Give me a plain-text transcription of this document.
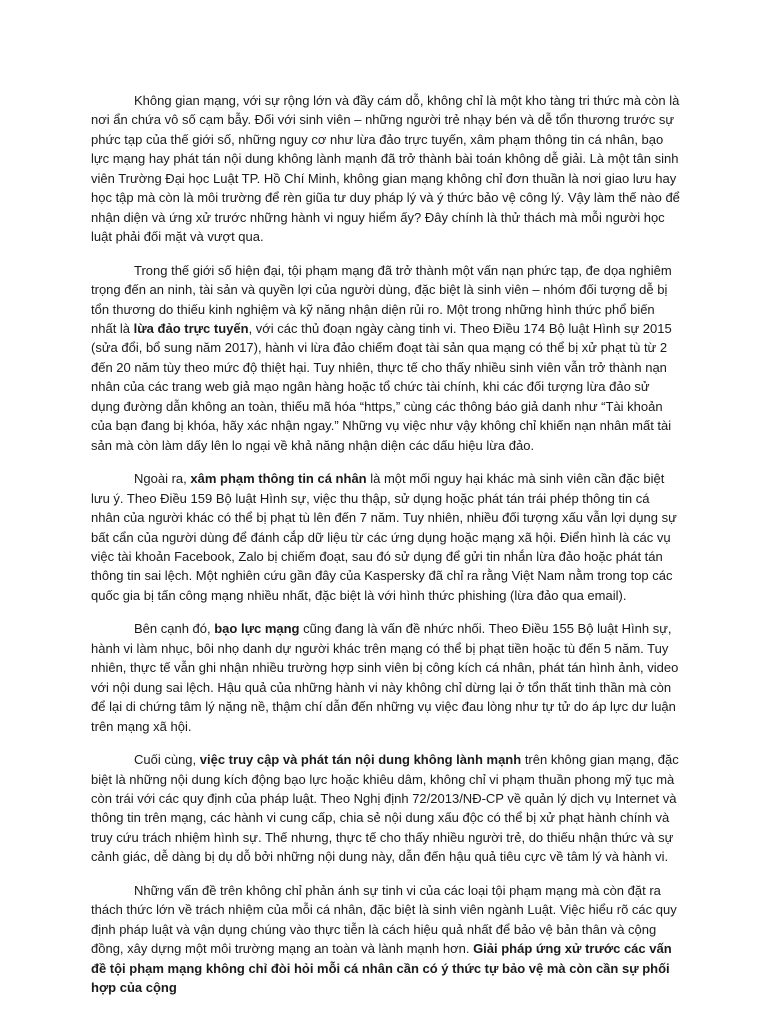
Không gian mạng, với sự rộng lớn và đầy cám dỗ, không chỉ là một kho tàng tri thức mà còn là nơi ẩn chứa vô số cạm bẫy. Đối với sinh viên – những người trẻ nhạy bén và dễ tổn thương trước sự phức tạp của thế giới số, những nguy cơ như lừa đảo trực tuyến, xâm phạm thông tin cá nhân, bạo lực mạng hay phát tán nội dung không lành mạnh đã trở thành bài toán không dễ giải. Là một tân sinh viên Trường Đại học Luật TP. Hồ Chí Minh, không gian mạng không chỉ đơn thuần là nơi giao lưu hay học tập mà còn là môi trường để rèn giũa tư duy pháp lý và ý thức bảo vệ công lý. Vậy làm thế nào để nhận diện và ứng xử trước những hành vi nguy hiểm ấy? Đây chính là thử thách mà mỗi người học luật phải đối mặt và vượt qua.

Trong thế giới số hiện đại, tội phạm mạng đã trở thành một vấn nạn phức tạp, đe dọa nghiêm trọng đến an ninh, tài sản và quyền lợi của người dùng, đặc biệt là sinh viên – nhóm đối tượng dễ bị tổn thương do thiếu kinh nghiệm và kỹ năng nhận diện rủi ro. Một trong những hình thức phổ biến nhất là lừa đảo trực tuyến, với các thủ đoạn ngày càng tinh vi. Theo Điều 174 Bộ luật Hình sự 2015 (sửa đổi, bổ sung năm 2017), hành vi lừa đảo chiếm đoạt tài sản qua mạng có thể bị xử phạt tù từ 2 đến 20 năm tùy theo mức độ thiệt hại. Tuy nhiên, thực tế cho thấy nhiều sinh viên vẫn trở thành nạn nhân của các trang web giả mạo ngân hàng hoặc tổ chức tài chính, khi các đối tượng lừa đảo sử dụng đường dẫn không an toàn, thiếu mã hóa “https,” cùng các thông báo giả danh như “Tài khoản của bạn đang bị khóa, hãy xác nhận ngay.” Những vụ việc như vậy không chỉ khiến nạn nhân mất tài sản mà còn làm dấy lên lo ngại về khả năng nhận diện các dấu hiệu lừa đảo.

Ngoài ra, xâm phạm thông tin cá nhân là một mối nguy hại khác mà sinh viên cần đặc biệt lưu ý. Theo Điều 159 Bộ luật Hình sự, việc thu thập, sử dụng hoặc phát tán trái phép thông tin cá nhân của người khác có thể bị phạt tù lên đến 7 năm. Tuy nhiên, nhiều đối tượng xấu vẫn lợi dụng sự bất cẩn của người dùng để đánh cắp dữ liệu từ các ứng dụng hoặc mạng xã hội. Điển hình là các vụ việc tài khoản Facebook, Zalo bị chiếm đoạt, sau đó sử dụng để gửi tin nhắn lừa đảo hoặc phát tán thông tin sai lệch. Một nghiên cứu gần đây của Kaspersky đã chỉ ra rằng Việt Nam nằm trong top các quốc gia bị tấn công mạng nhiều nhất, đặc biệt là với hình thức phishing (lừa đảo qua email).

Bên cạnh đó, bạo lực mạng cũng đang là vấn đề nhức nhối. Theo Điều 155 Bộ luật Hình sự, hành vi làm nhục, bôi nhọ danh dự người khác trên mạng có thể bị phạt tiền hoặc tù đến 5 năm. Tuy nhiên, thực tế vẫn ghi nhận nhiều trường hợp sinh viên bị công kích cá nhân, phát tán hình ảnh, video với nội dung sai lệch. Hậu quả của những hành vi này không chỉ dừng lại ở tổn thất tinh thần mà còn để lại di chứng tâm lý nặng nề, thậm chí dẫn đến những vụ việc đau lòng như tự tử do áp lực dư luận trên mạng xã hội.

Cuối cùng, việc truy cập và phát tán nội dung không lành mạnh trên không gian mạng, đặc biệt là những nội dung kích động bạo lực hoặc khiêu dâm, không chỉ vi phạm thuần phong mỹ tục mà còn trái với các quy định của pháp luật. Theo Nghị định 72/2013/NĐ-CP về quản lý dịch vụ Internet và thông tin trên mạng, các hành vi cung cấp, chia sẻ nội dung xấu độc có thể bị xử phạt hành chính và truy cứu trách nhiệm hình sự. Thế nhưng, thực tế cho thấy nhiều người trẻ, do thiếu nhận thức và sự cảnh giác, dễ dàng bị dụ dỗ bởi những nội dung này, dẫn đến hậu quả tiêu cực về tâm lý và hành vi.

Những vấn đề trên không chỉ phản ánh sự tinh vi của các loại tội phạm mạng mà còn đặt ra thách thức lớn về trách nhiệm của mỗi cá nhân, đặc biệt là sinh viên ngành Luật. Việc hiểu rõ các quy định pháp luật và vận dụng chúng vào thực tiễn là cách hiệu quả nhất để bảo vệ bản thân và cộng đồng, xây dựng một môi trường mạng an toàn và lành mạnh hơn. Giải pháp ứng xử trước các vấn đề tội phạm mạng không chỉ đòi hỏi mỗi cá nhân cần có ý thức tự bảo vệ mà còn cần sự phối hợp của cộng
